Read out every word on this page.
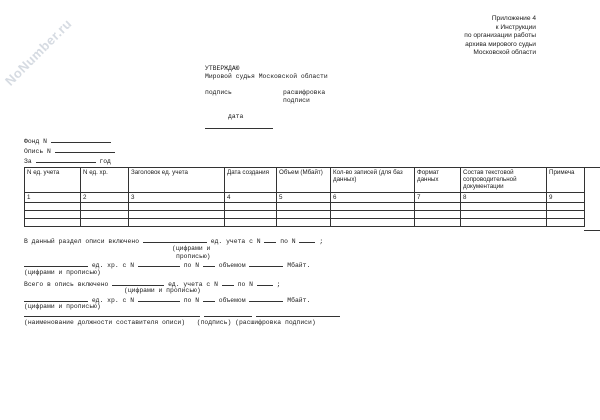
NoNumber.ru	Приложение 4
к Инструкции
по организации работы
архива мирового судьи
Московской области
УТВЕРЖДАЮ
Мировой судья Московской области
подпись	расшифровка
подписи
дата
Фонд N
Опись N
За	год
N ед. учета	N ед. хр.	Заголовок ед. учета	Дата создания	Объем (Мбайт)	Кол-во записей (для баз данных)	Формат данных	Состав текстовой сопроводительной документации	Примеча
1	2	3	4	5	6	7	8	9

В данный раздел описи включено	ед. учета с N	по N	;
(цифрами и
прописью)
ед. хр. с N	по N	объемом	Мбайт.
(цифрами и прописью)
Всего в опись включено	ед. учета с N	по N	;
(цифрами и прописью)
ед. хр. с N	по N	объемом	Мбайт.
(цифрами и прописью)
(наименование должности составителя описи) (подпись) (расшифровка подписи)
